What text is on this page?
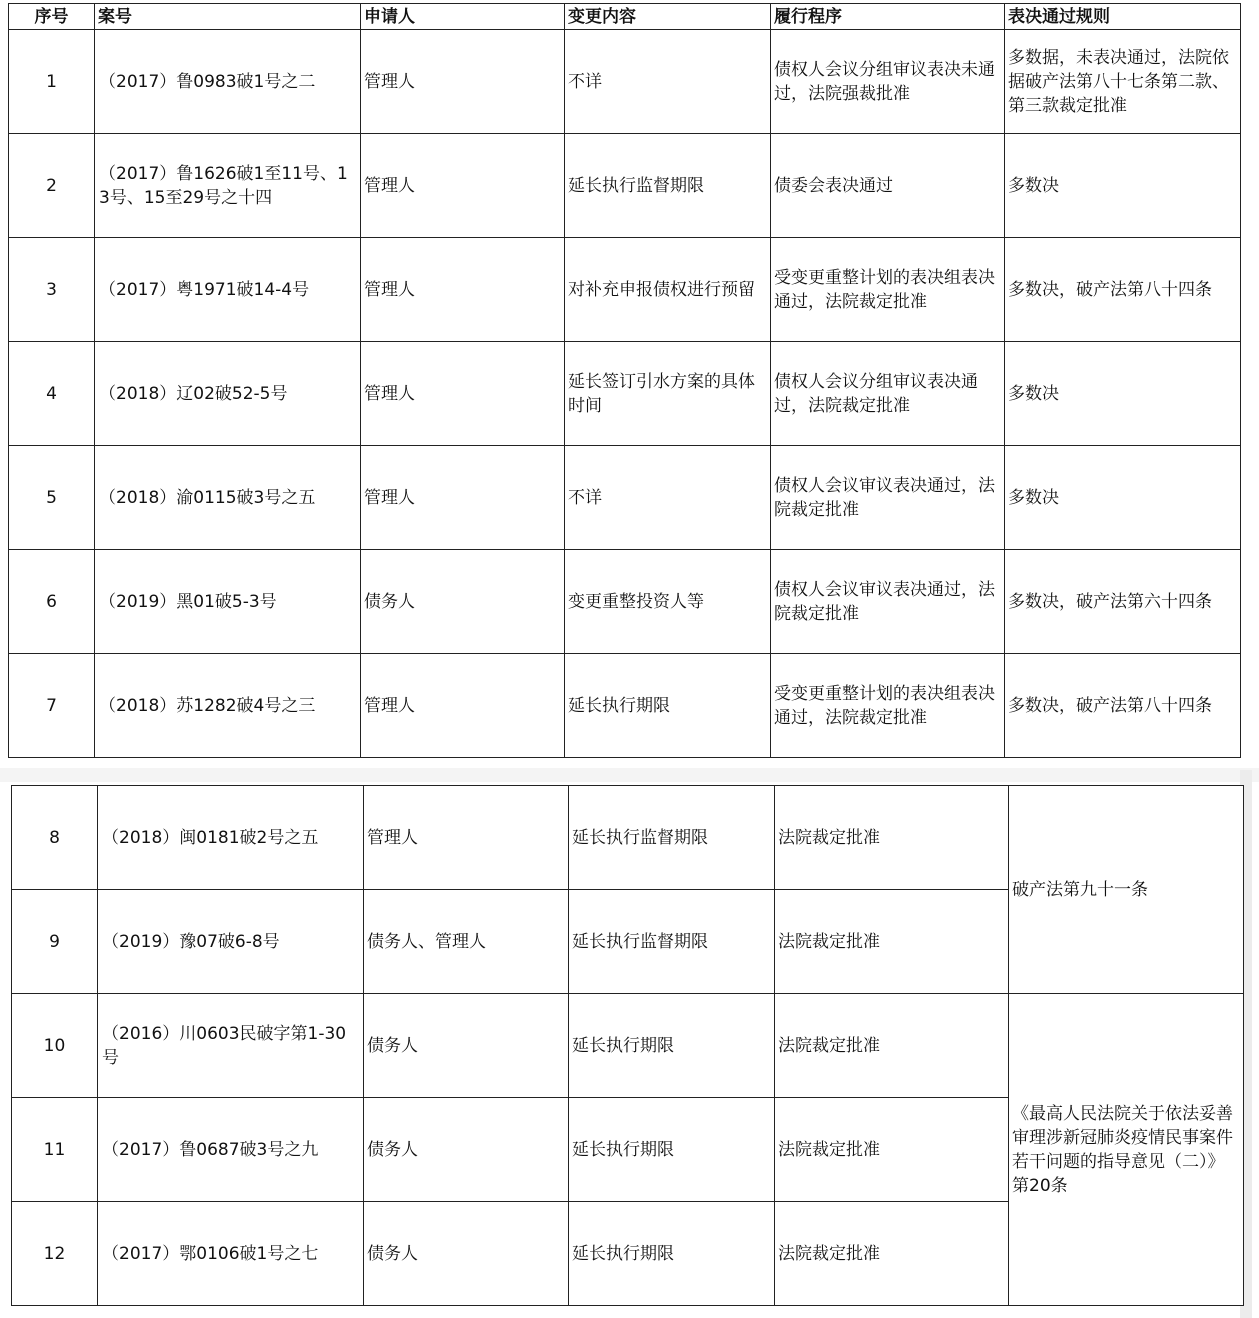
序号	案号	申请人	变更内容	履行程序	表决通过规则
1	（2017）鲁0983破1号之二	管理人	不详	债权人会议分组审议表决未通过，法院强裁批准	多数据，未表决通过，法院依据破产法第八十七条第二款、第三款裁定批准
2	（2017）鲁1626破1至11号、13号、15至29号之十四	管理人	延长执行监督期限	债委会表决通过	多数决
3	（2017）粤1971破14-4号	管理人	对补充申报债权进行预留	受变更重整计划的表决组表决通过，法院裁定批准	多数决，破产法第八十四条
4	（2018）辽02破52-5号	管理人	延长签订引水方案的具体时间	债权人会议分组审议表决通过，法院裁定批准	多数决
5	（2018）渝0115破3号之五	管理人	不详	债权人会议审议表决通过，法院裁定批准	多数决
6	（2019）黑01破5-3号	债务人	变更重整投资人等	债权人会议审议表决通过，法院裁定批准	多数决，破产法第六十四条
7	（2018）苏1282破4号之三	管理人	延长执行期限	受变更重整计划的表决组表决通过，法院裁定批准	多数决，破产法第八十四条
8	（2018）闽0181破2号之五	管理人	延长执行监督期限	法院裁定批准	破产法第九十一条
9	（2019）豫07破6-8号	债务人、管理人	延长执行监督期限	法院裁定批准	
10	（2016）川0603民破字第1-30号	债务人	延长执行期限	法院裁定批准	《最高人民法院关于依法妥善审理涉新冠肺炎疫情民事案件若干问题的指导意见（二）》第20条
11	（2017）鲁0687破3号之九	债务人	延长执行期限	法院裁定批准	
12	（2017）鄂0106破1号之七	债务人	延长执行期限	法院裁定批准	
